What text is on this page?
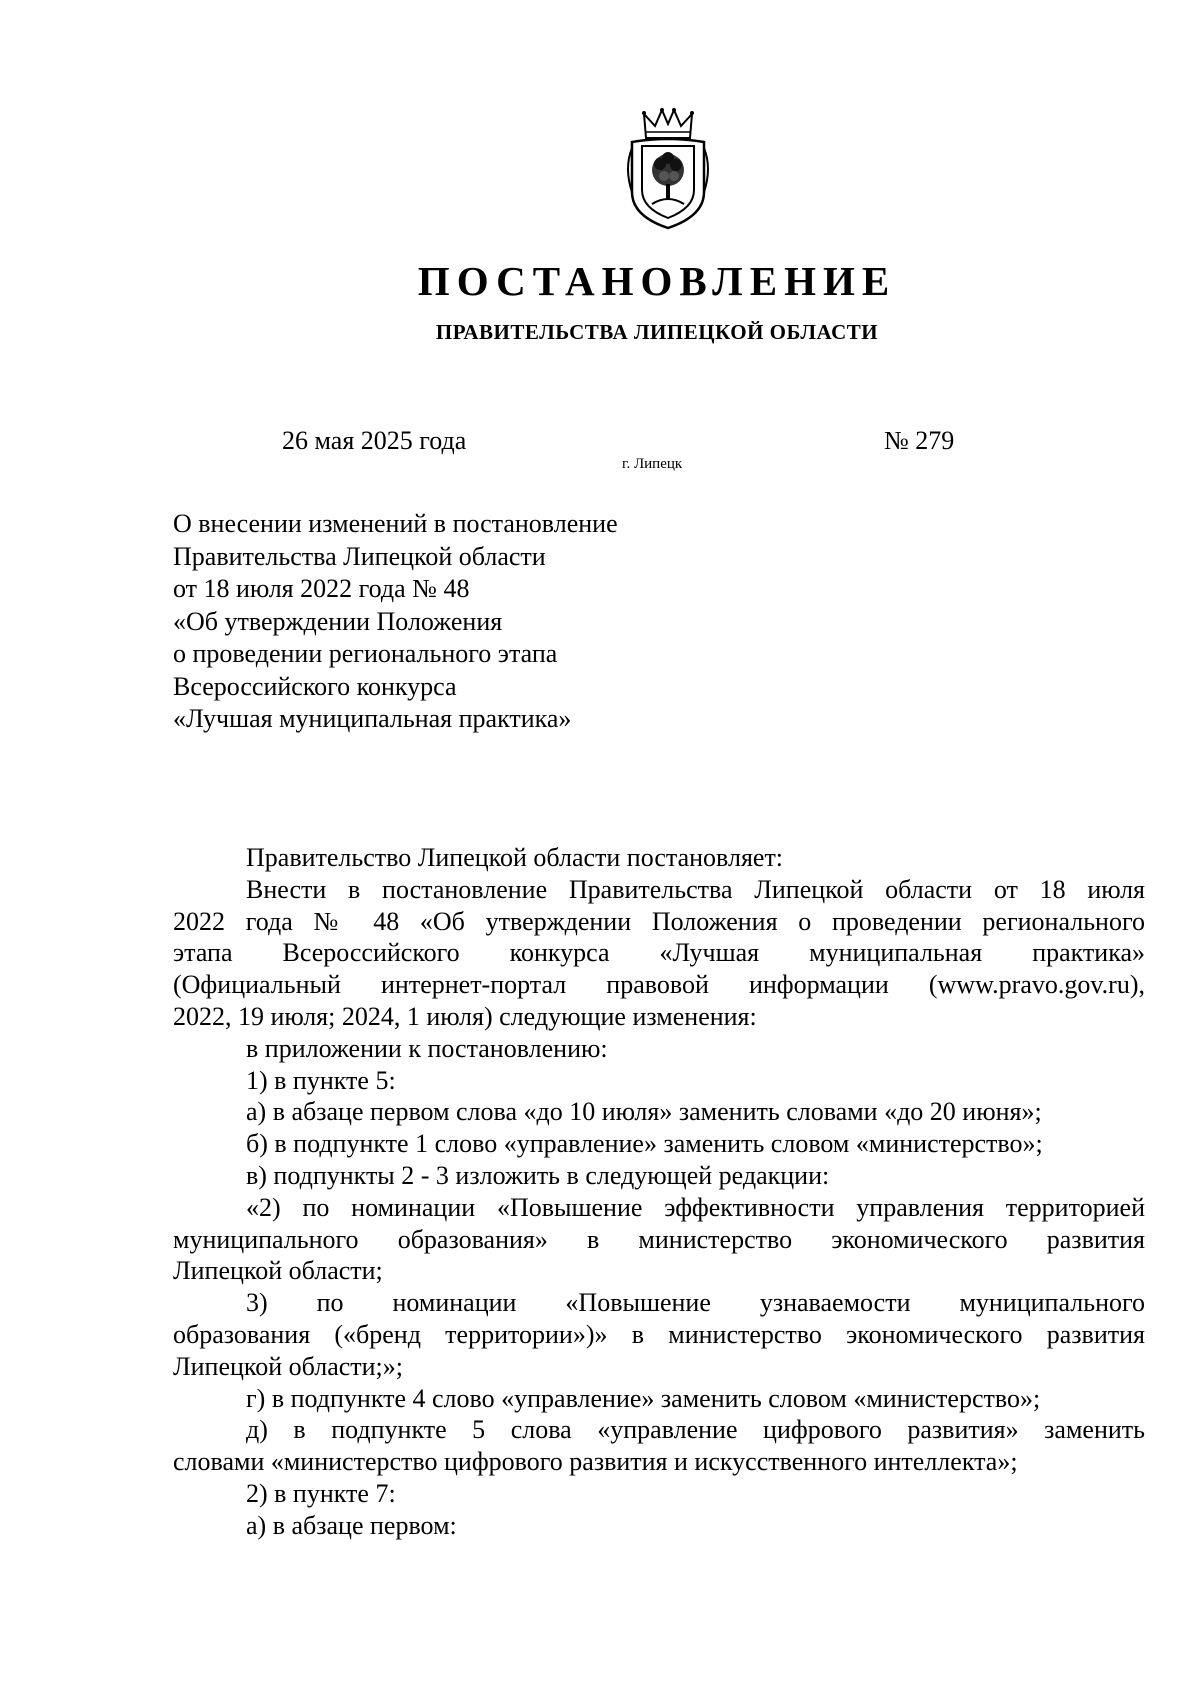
ПОСТАНОВЛЕНИЕ
ПРАВИТЕЛЬСТВА ЛИПЕЦКОЙ ОБЛАСТИ
26 мая 2025 года
г. Липецк
№ 279
О внесении изменений в постановление
Правительства Липецкой области
от 18 июля 2022 года № 48
«Об утверждении Положения
о проведении регионального этапа
Всероссийского конкурса
«Лучшая муниципальная практика»
Правительство Липецкой области постановляет:
Внести в постановление Правительства Липецкой области от 18 июля
2022 года № 48 «Об утверждении Положения о проведении регионального
этапа Всероссийского конкурса «Лучшая муниципальная практика»
(Официальный интернет-портал правовой информации (www.pravo.gov.ru),
2022, 19 июля; 2024, 1 июля) следующие изменения:
в приложении к постановлению:
1) в пункте 5:
а) в абзаце первом слова «до 10 июля» заменить словами «до 20 июня»;
б) в подпункте 1 слово «управление» заменить словом «министерство»;
в) подпункты 2 - 3 изложить в следующей редакции:
«2) по номинации «Повышение эффективности управления территорией
муниципального образования» в министерство экономического развития
Липецкой области;
3) по номинации «Повышение узнаваемости муниципального
образования («бренд территории»)» в министерство экономического развития
Липецкой области;»;
г) в подпункте 4 слово «управление» заменить словом «министерство»;
д) в подпункте 5 слова «управление цифрового развития» заменить
словами «министерство цифрового развития и искусственного интеллекта»;
2) в пункте 7:
а) в абзаце первом:
